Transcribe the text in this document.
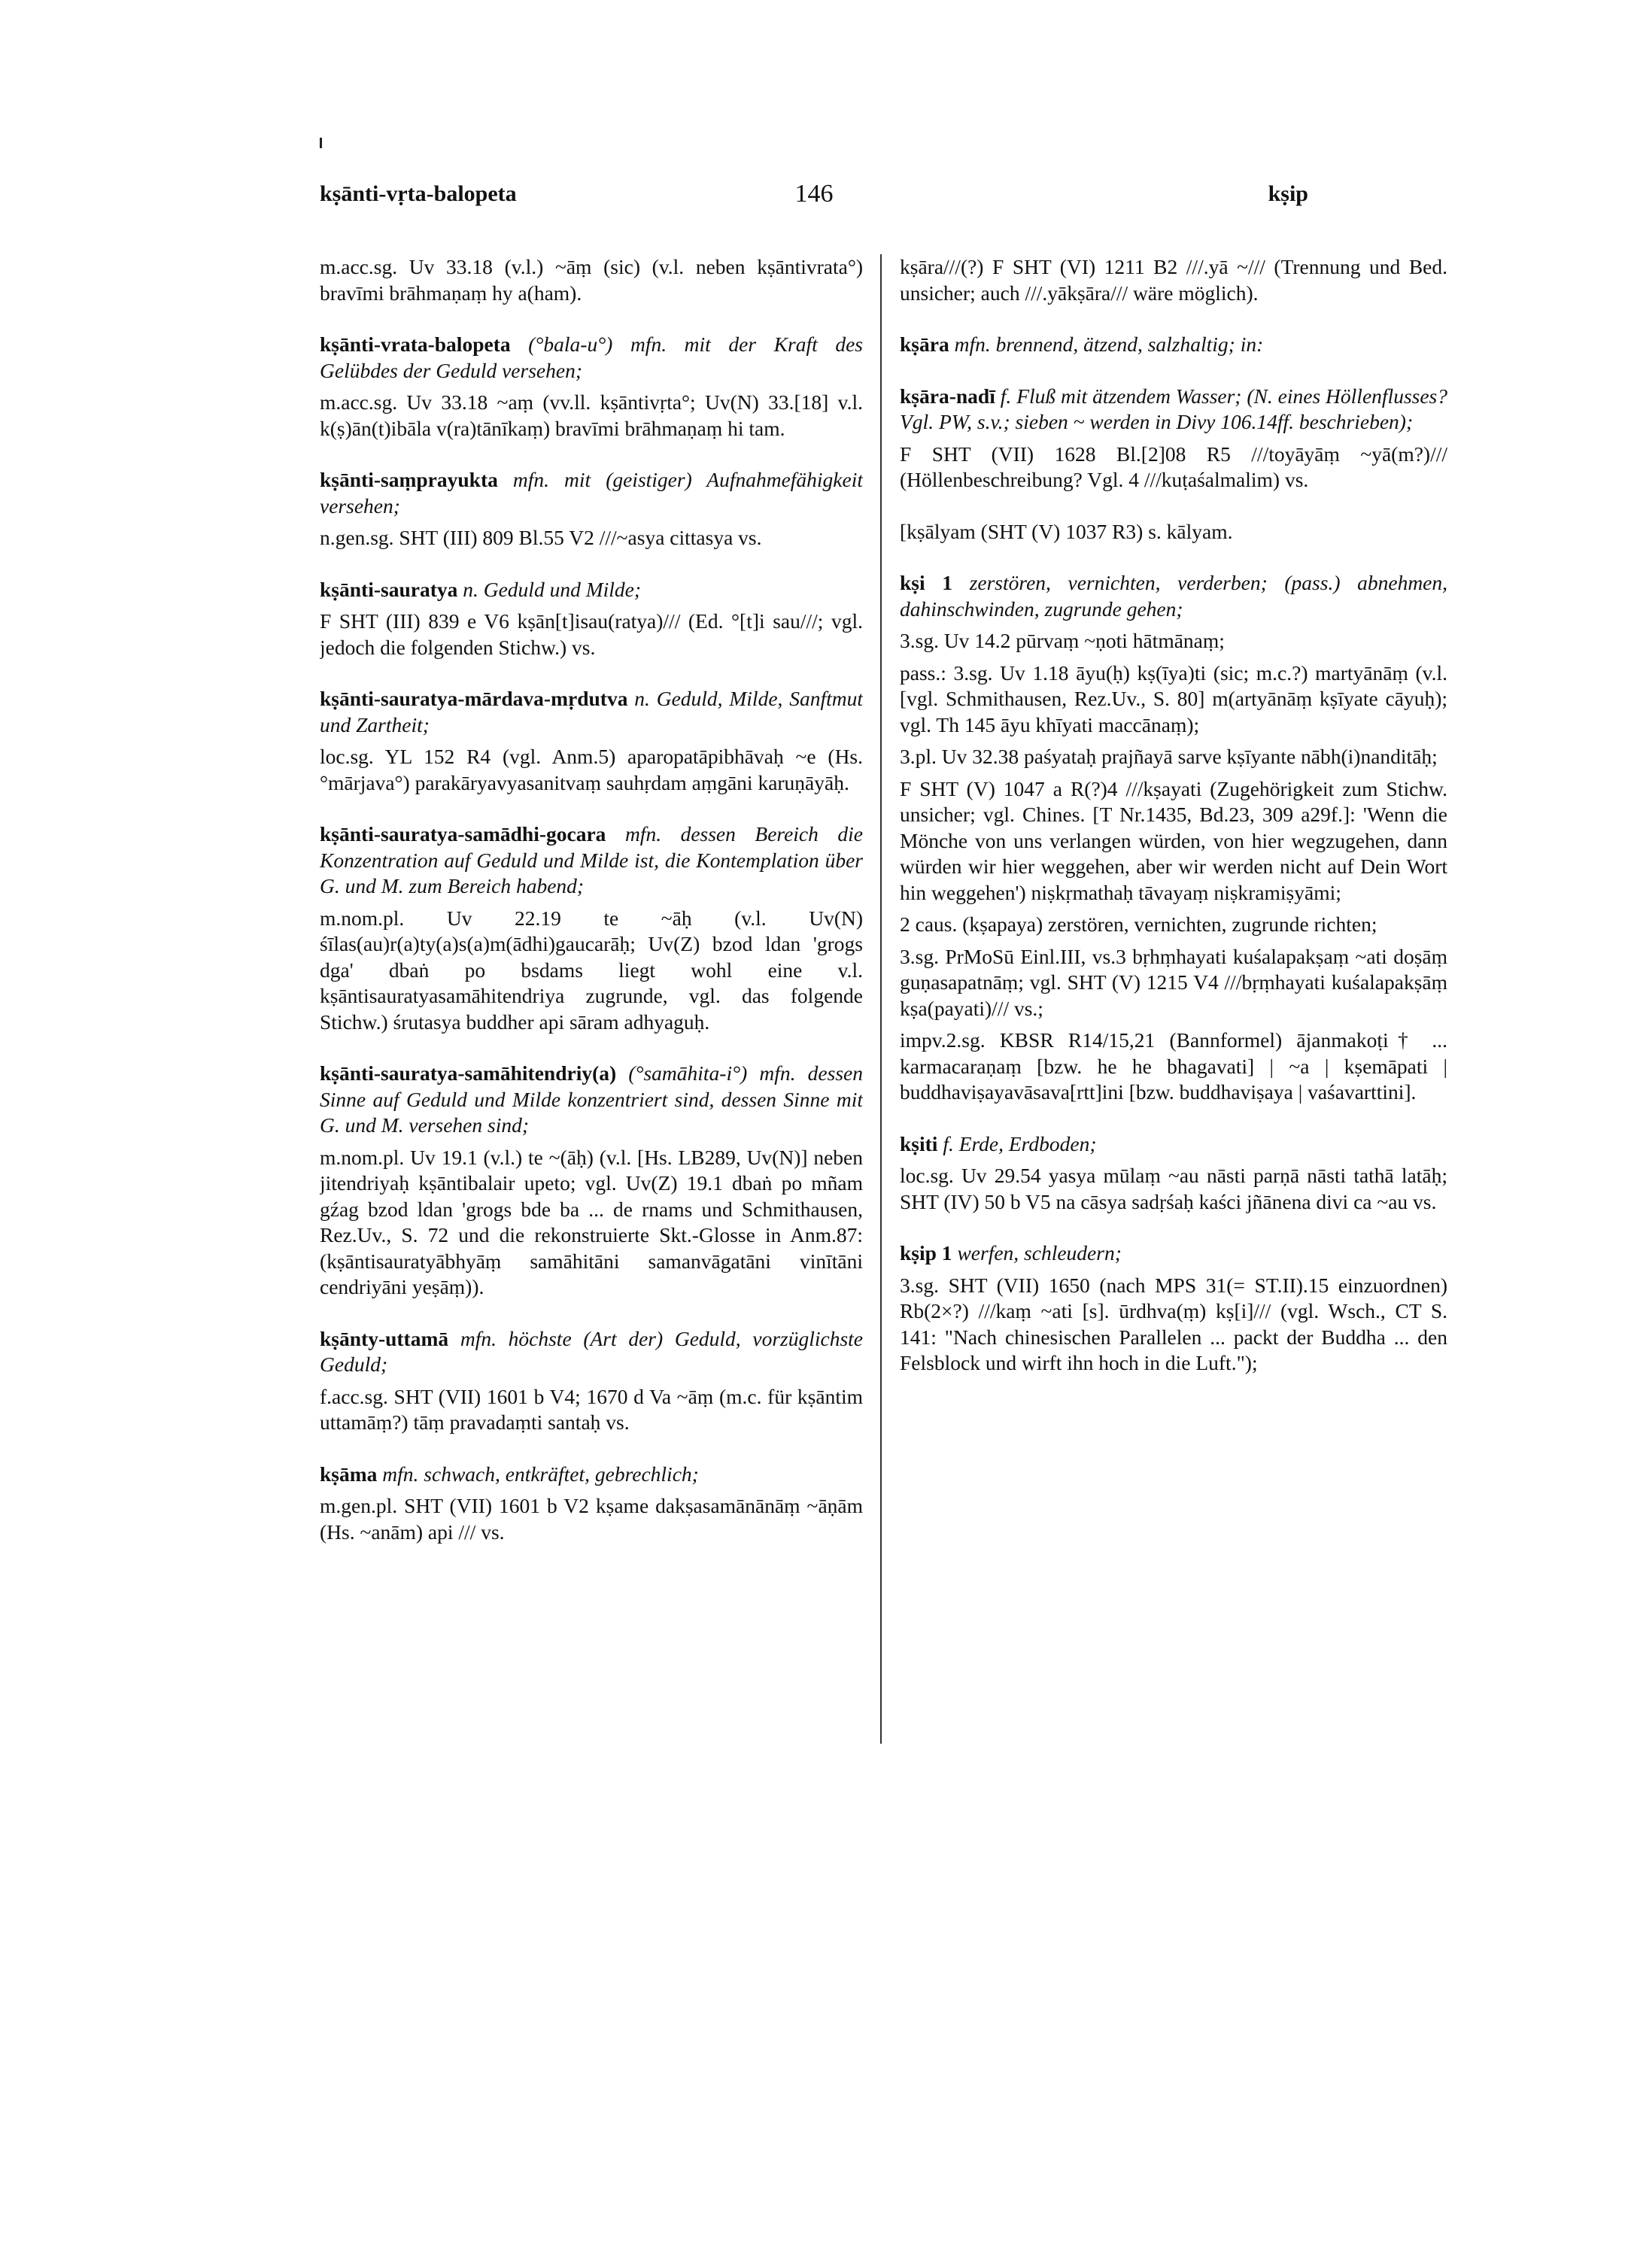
kṣānti-vṛta-balopeta	146	kṣip

m.acc.sg. Uv 33.18 (v.l.) ~āṃ (sic) (v.l. neben kṣāntivrata°) bravīmi brāhmaṇaṃ hy a(ham).

kṣānti-vrata-balopeta (°bala-u°) mfn. mit der Kraft des Gelübdes der Geduld versehen;

m.acc.sg. Uv 33.18 ~aṃ (vv.ll. kṣāntivṛta°; Uv(N) 33.[18] v.l. k(ṣ)ān(t)ibāla v(ra)tānīkaṃ) bravīmi brāhmaṇaṃ hi tam.

kṣānti-saṃprayukta mfn. mit (geistiger) Aufnahmefähigkeit versehen;

n.gen.sg. SHT (III) 809 Bl.55 V2 ///~asya cittasya vs.

kṣānti-sauratya n. Geduld und Milde;

F SHT (III) 839 e V6 kṣān[t]isau(ratya)/// (Ed. °[t]i sau///; vgl. jedoch die folgenden Stichw.) vs.

kṣānti-sauratya-mārdava-mṛdutva n. Geduld, Milde, Sanftmut und Zartheit;

loc.sg. YL 152 R4 (vgl. Anm.5) aparopatāpibhāvaḥ ~e (Hs. °mārjava°) parakāryavyasanitvaṃ sauhṛdam aṃgāni karuṇāyāḥ.

kṣānti-sauratya-samādhi-gocara mfn. dessen Bereich die Konzentration auf Geduld und Milde ist, die Kontemplation über G. und M. zum Bereich habend;

m.nom.pl. Uv 22.19 te ~āḥ (v.l. Uv(N) śīlas(au)r(a)ty(a)s(a)m(ādhi)gaucarāḥ; Uv(Z) bzod ldan 'grogs dga' dbaṅ po bsdams liegt wohl eine v.l. kṣāntisauratyasamāhitendriya zugrunde, vgl. das folgende Stichw.) śrutasya buddher api sāram adhyaguḥ.

kṣānti-sauratya-samāhitendriy(a) (°samāhita-i°) mfn. dessen Sinne auf Geduld und Milde konzentriert sind, dessen Sinne mit G. und M. versehen sind;

m.nom.pl. Uv 19.1 (v.l.) te ~(āḥ) (v.l. [Hs. LB289, Uv(N)] neben jitendriyaḥ kṣāntibalair upeto; vgl. Uv(Z) 19.1 dbaṅ po mñam gźag bzod ldan 'grogs bde ba ... de rnams und Schmithausen, Rez.Uv., S. 72 und die rekonstruierte Skt.-Glosse in Anm.87: (kṣāntisauratyābhyāṃ samāhitāni samanvāgatāni vinītāni cendriyāni yeṣāṃ)).

kṣānty-uttamā mfn. höchste (Art der) Geduld, vorzüglichste Geduld;

f.acc.sg. SHT (VII) 1601 b V4; 1670 d Va ~āṃ (m.c. für kṣāntim uttamāṃ?) tāṃ pravadaṃti santaḥ vs.

kṣāma mfn. schwach, entkräftet, gebrechlich;

m.gen.pl. SHT (VII) 1601 b V2 kṣame dakṣasamānānāṃ ~āṇām (Hs. ~anām) api /// vs.

kṣāra///(?) F SHT (VI) 1211 B2 ///.yā ~/// (Trennung und Bed. unsicher; auch ///.yākṣāra/// wäre möglich).

kṣāra mfn. brennend, ätzend, salzhaltig; in:

kṣāra-nadī f. Fluß mit ätzendem Wasser; (N. eines Höllenflusses? Vgl. PW, s.v.; sieben ~ werden in Divy 106.14ff. beschrieben);

F SHT (VII) 1628 Bl.[2]08 R5 ///toyāyāṃ ~yā(m?)/// (Höllenbeschreibung? Vgl. 4 ///kuṭaśalmalim) vs.

[kṣālyam (SHT (V) 1037 R3) s. kālyam.

kṣi 1 zerstören, vernichten, verderben; (pass.) abnehmen, dahinschwinden, zugrunde gehen;

3.sg. Uv 14.2 pūrvaṃ ~ṇoti hātmānaṃ;

pass.: 3.sg. Uv 1.18 āyu(ḥ) kṣ(īya)ti (sic; m.c.?) martyānāṃ (v.l. [vgl. Schmithausen, Rez.Uv., S. 80] m(artyānāṃ kṣīyate cāyuḥ); vgl. Th 145 āyu khīyati maccānaṃ);

3.pl. Uv 32.38 paśyataḥ prajñayā sarve kṣīyante nābh(i)nanditāḥ;

F SHT (V) 1047 a R(?)4 ///kṣayati (Zugehörigkeit zum Stichw. unsicher; vgl. Chines. [T Nr.1435, Bd.23, 309 a29f.]: 'Wenn die Mönche von uns verlangen würden, von hier wegzugehen, dann würden wir hier weggehen, aber wir werden nicht auf Dein Wort hin weggehen') niṣkṛmathaḥ tāvayaṃ niṣkramiṣyāmi;

2 caus. (kṣapaya) zerstören, vernichten, zugrunde richten;

3.sg. PrMoSū Einl.III, vs.3 bṛhṃhayati kuśalapakṣaṃ ~ati doṣāṃ guṇasapatnāṃ; vgl. SHT (V) 1215 V4 ///bṛṃhayati kuśalapakṣāṃ kṣa(payati)/// vs.;

impv.2.sg. KBSR R14/15,21 (Bannformel) ājanmakoṭi† ... karmacaraṇaṃ [bzw. he he bhagavati] | ~a | kṣemāpati | buddhaviṣayavāsava[rtt]ini [bzw. buddhaviṣaya | vaśavarttini].

kṣiti f. Erde, Erdboden;

loc.sg. Uv 29.54 yasya mūlaṃ ~au nāsti parṇā nāsti tathā latāḥ; SHT (IV) 50 b V5 na cāsya sadṛśaḥ kaści jñānena divi ca ~au vs.

kṣip 1 werfen, schleudern;

3.sg. SHT (VII) 1650 (nach MPS 31(= ST.II).15 einzuordnen) Rb(2×?) ///kaṃ ~ati [s]. ūrdhva(ṃ) kṣ[i]/// (vgl. Wsch., CT S. 141: "Nach chinesischen Parallelen ... packt der Buddha ... den Felsblock und wirft ihn hoch in die Luft.");
